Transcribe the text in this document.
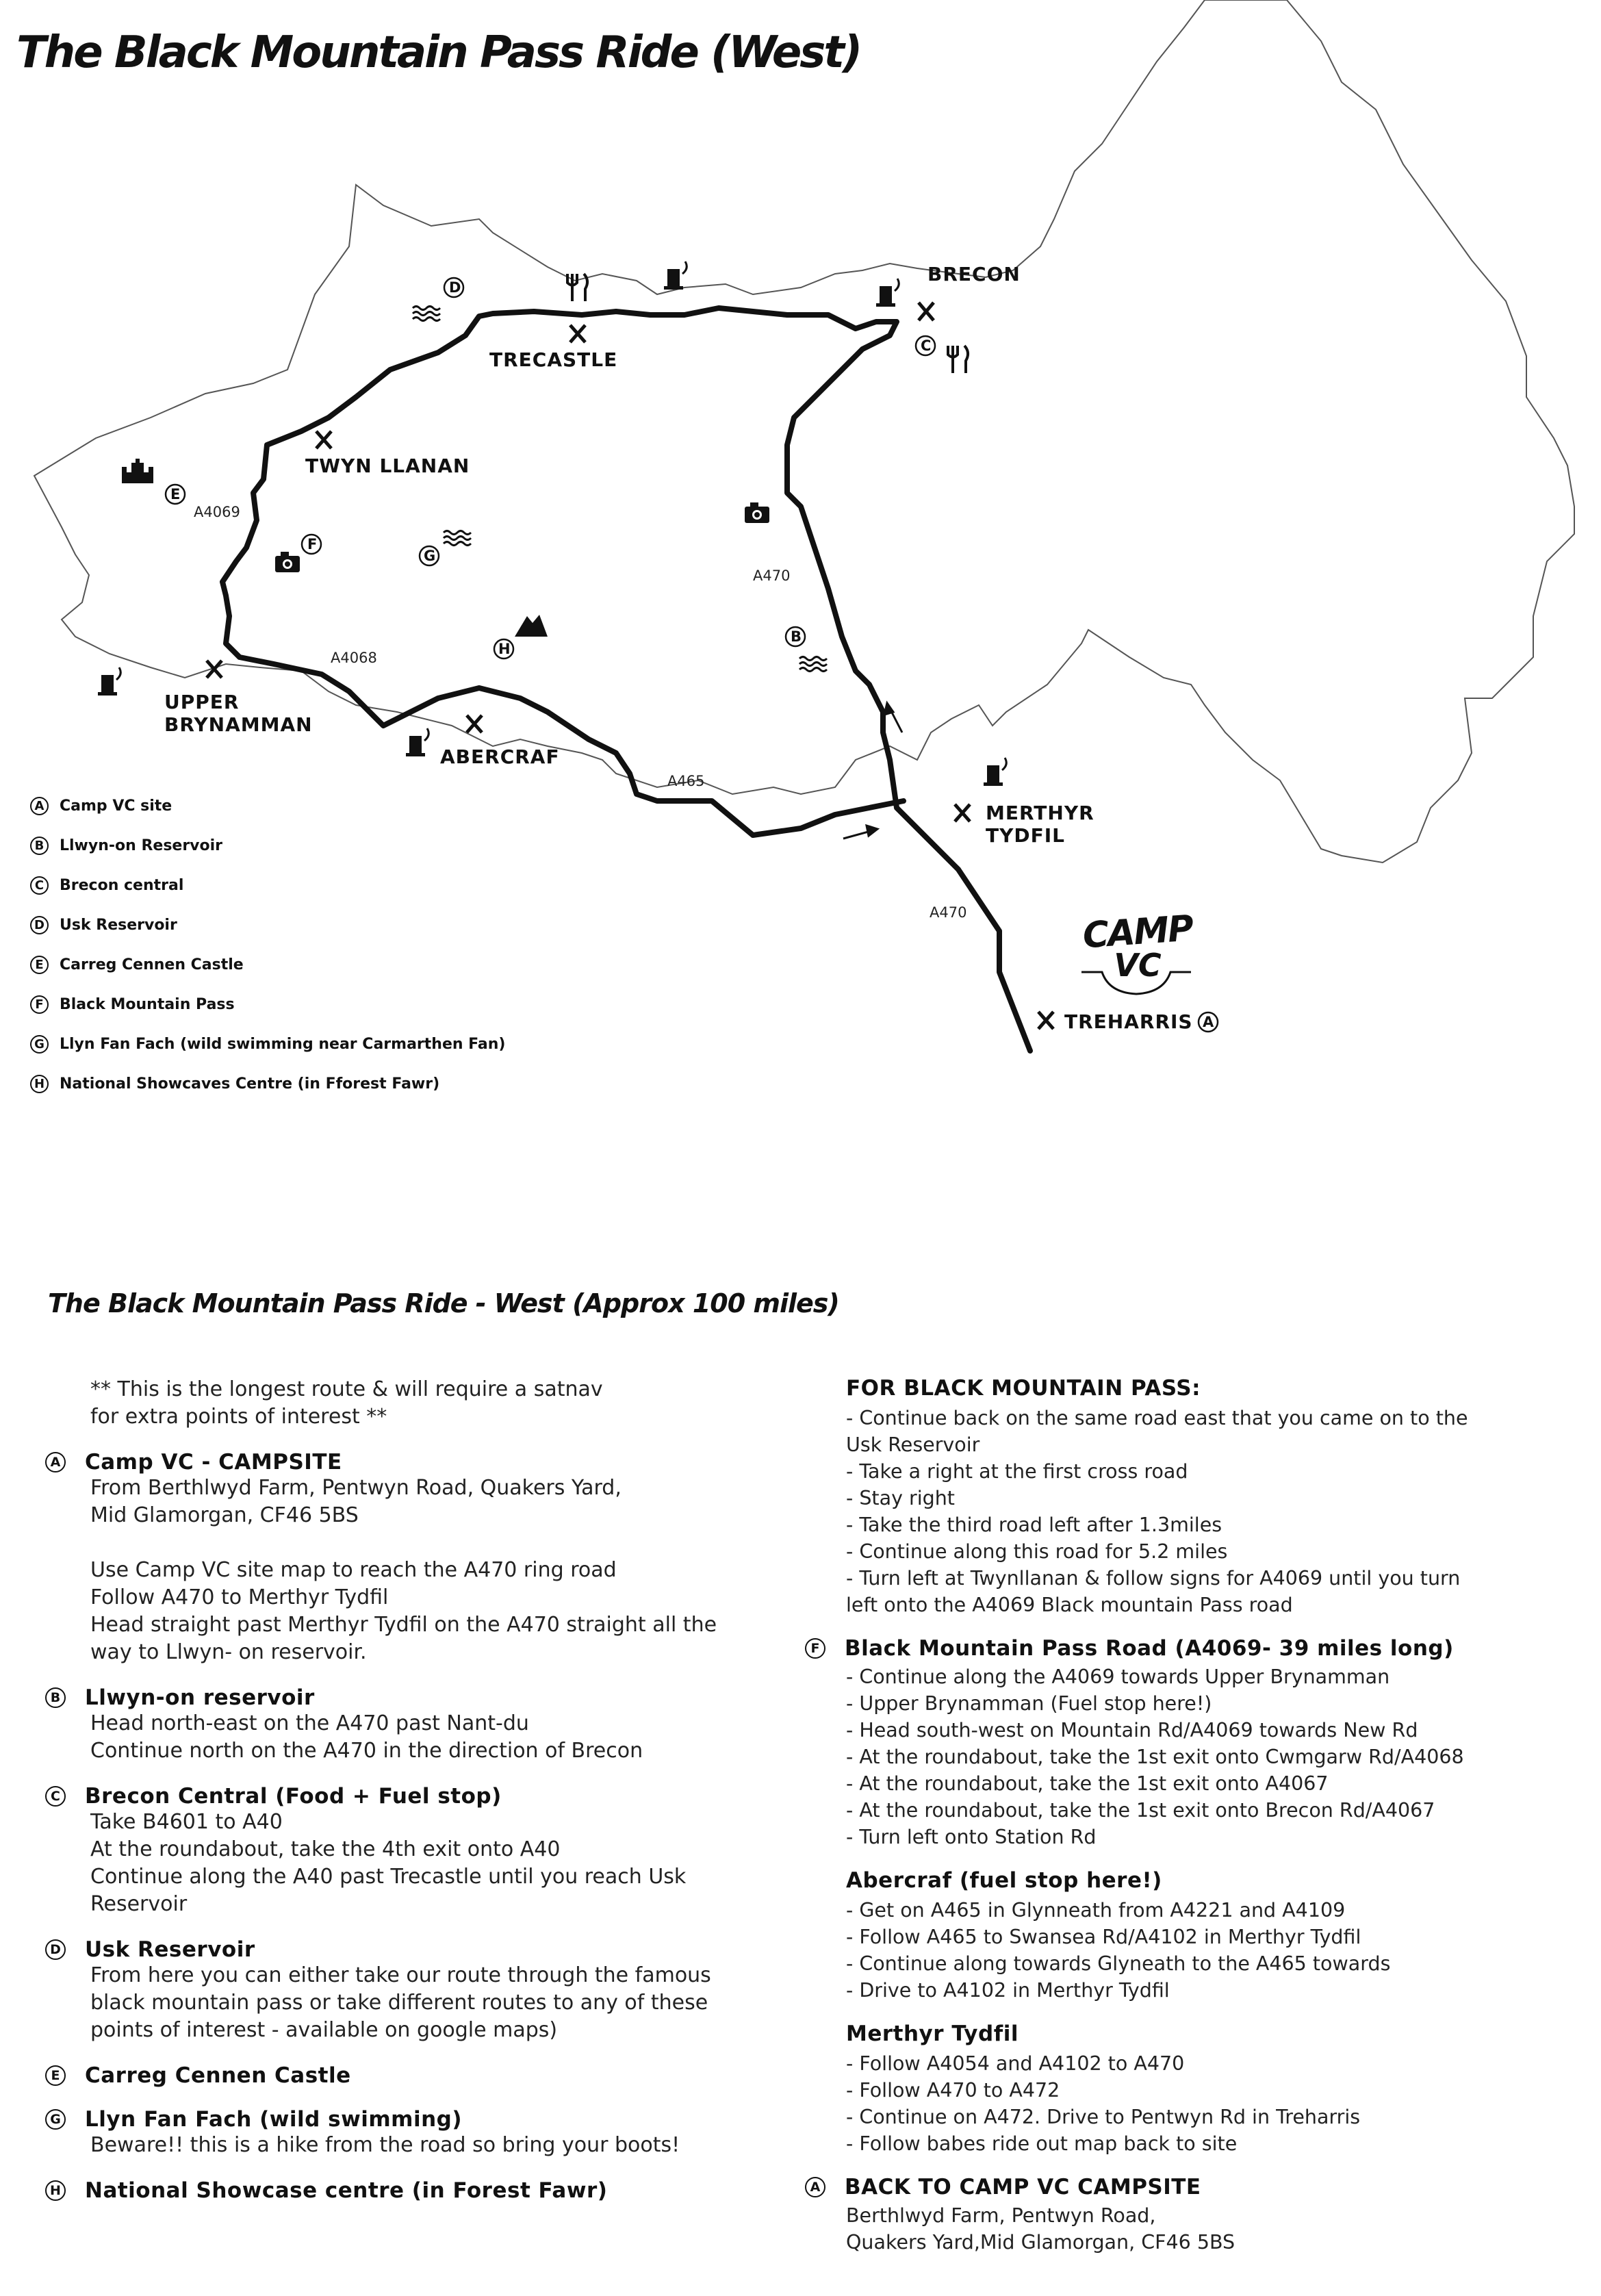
The Black Mountain Pass Ride (West)
BRECON
TRECASTLE
TWYN LLANAN
UPPER
BRYNAMMAN
ABERCRAF
MERTHYR
TYDFIL
TREHARRIS
A4069
A470
A4068
A465
A470
D
C
E
F
G
H
B
A
CAMP
VC
A Camp VC site
B	Llwyn-on Reservoir
C	Brecon central
D Usk Reservoir
E	Carreg Cennen Castle
F	Black Mountain Pass
G Llyn Fan Fach (wild swimming near Carmarthen Fan)
H National Showcaves Centre (in Fforest Fawr)
The Black Mountain Pass Ride - West (Approx 100 miles)
** This is the longest route & will require a satnav
for extra points of interest **
A Camp VC - CAMPSITE
From Berthlwyd Farm, Pentwyn Road, Quakers Yard,
Mid Glamorgan, CF46 5BS

Use Camp VC site map to reach the A470 ring road
Follow A470 to Merthyr Tydfil
Head straight past Merthyr Tydfil on the A470 straight all the
way to Llwyn- on reservoir.
B Llwyn-on reservoir
Head north-east on the A470 past Nant-du
Continue north on the A470 in the direction of Brecon
C Brecon Central (Food + Fuel stop)
Take B4601 to A40
At the roundabout, take the 4th exit onto A40
Continue along the A40 past Trecastle until you reach Usk
Reservoir
D Usk Reservoir
From here you can either take our route through the famous
black mountain pass or take different routes to any of these
points of interest - available on google maps)
E Carreg Cennen Castle
G Llyn Fan Fach (wild swimming)
Beware!! this is a hike from the road so bring your boots!
H National Showcase centre (in Forest Fawr)
FOR BLACK MOUNTAIN PASS:
- Continue back on the same road east that you came on to the
Usk Reservoir
- Take a right at the first cross road
- Stay right
- Take the third road left after 1.3miles
- Continue along this road for 5.2 miles
- Turn left at Twynllanan & follow signs for A4069 until you turn
left onto the A4069 Black mountain Pass road
F Black Mountain Pass Road (A4069- 39 miles long)
- Continue along the A4069 towards Upper Brynamman
- Upper Brynamman (Fuel stop here!)
- Head south-west on Mountain Rd/A4069 towards New Rd
- At the roundabout, take the 1st exit onto Cwmgarw Rd/A4068
- At the roundabout, take the 1st exit onto A4067
- At the roundabout, take the 1st exit onto Brecon Rd/A4067
- Turn left onto Station Rd
Abercraf (fuel stop here!)
- Get on A465 in Glynneath from A4221 and A4109
- Follow A465 to Swansea Rd/A4102 in Merthyr Tydfil
- Continue along towards Glyneath to the A465 towards
- Drive to A4102 in Merthyr Tydfil
Merthyr Tydfil
- Follow A4054 and A4102 to A470
- Follow A470 to A472
- Continue on A472. Drive to Pentwyn Rd in Treharris
- Follow babes ride out map back to site
A BACK TO CAMP VC CAMPSITE
Berthlwyd Farm, Pentwyn Road,
Quakers Yard,Mid Glamorgan, CF46 5BS
